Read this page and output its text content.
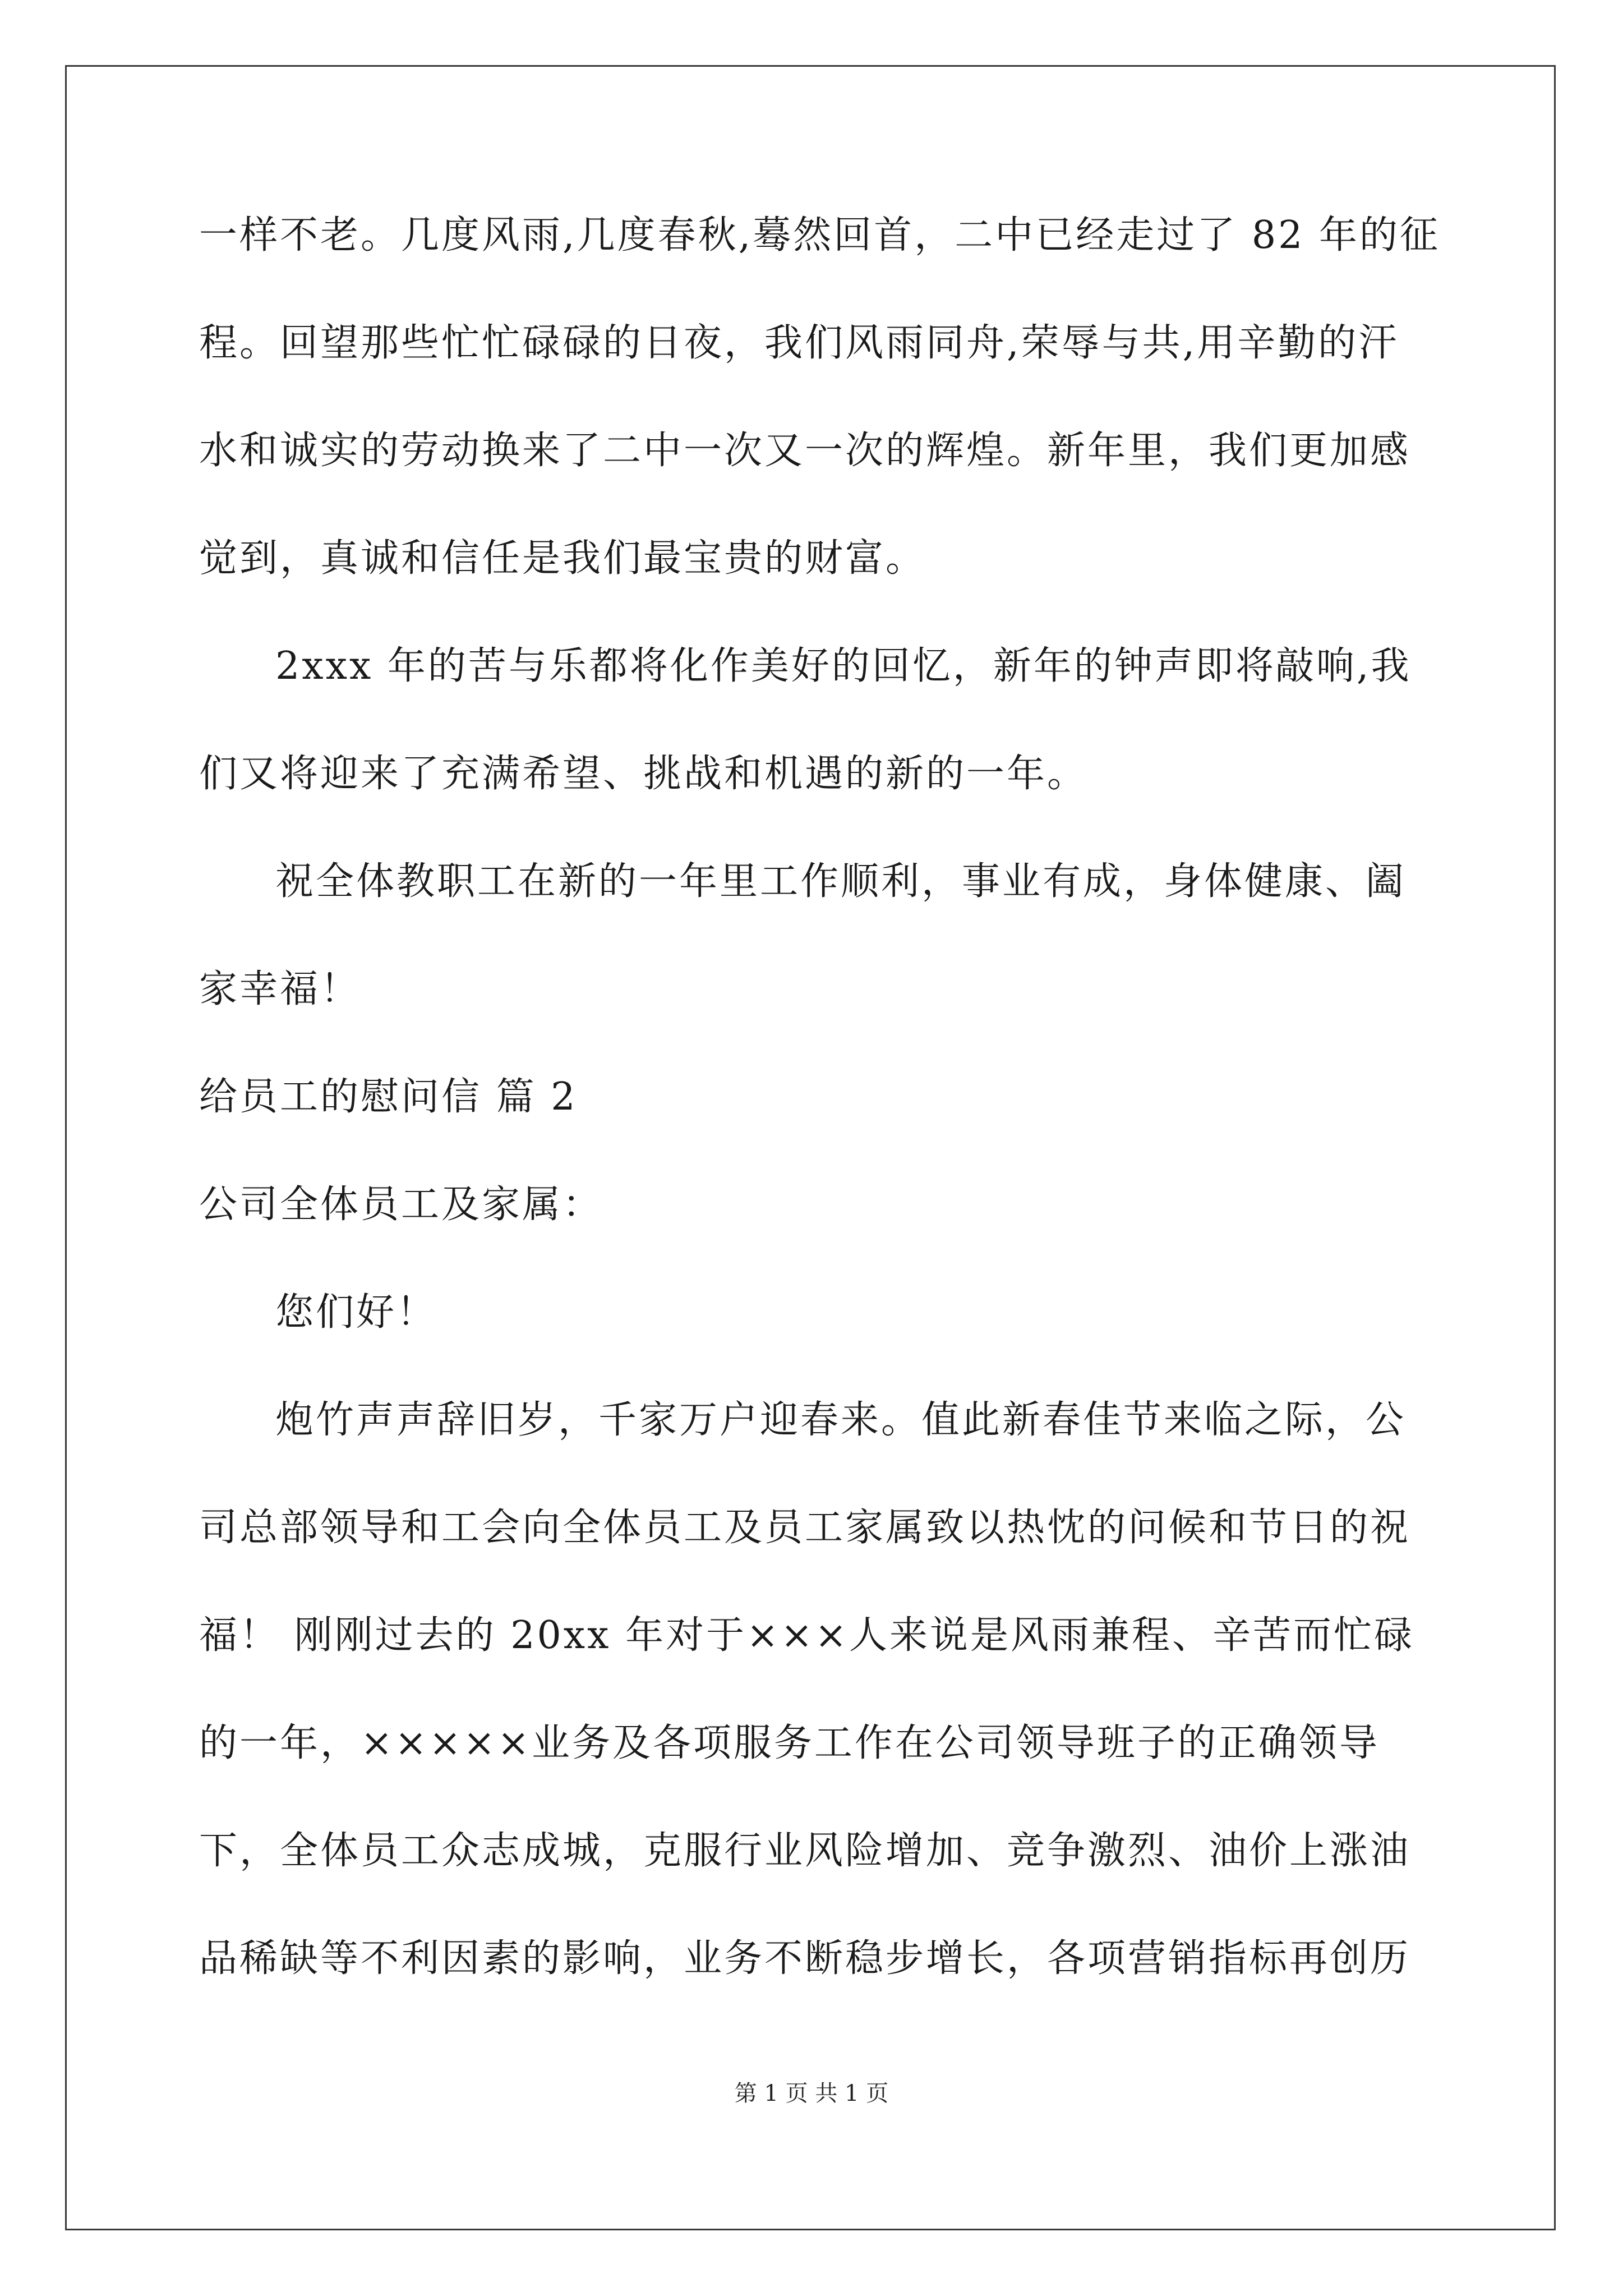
一样不老。几度风雨,几度春秋,蓦然回首，二中已经走过了 82 年的征
程。回望那些忙忙碌碌的日夜，我们风雨同舟,荣辱与共,用辛勤的汗
水和诚实的劳动换来了二中一次又一次的辉煌。新年里，我们更加感
觉到，真诚和信任是我们最宝贵的财富。
2xxx 年的苦与乐都将化作美好的回忆，新年的钟声即将敲响,我
们又将迎来了充满希望、挑战和机遇的新的一年。
祝全体教职工在新的一年里工作顺利，事业有成，身体健康、阖
家幸福！
给员工的慰问信 篇 2
公司全体员工及家属：
您们好！
炮竹声声辞旧岁，千家万户迎春来。值此新春佳节来临之际，公
司总部领导和工会向全体员工及员工家属致以热忱的问候和节日的祝
福！ 刚刚过去的 20xx 年对于×××人来说是风雨兼程、辛苦而忙碌
的一年，×××××业务及各项服务工作在公司领导班子的正确领导
下，全体员工众志成城，克服行业风险增加、竞争激烈、油价上涨油
品稀缺等不利因素的影响，业务不断稳步增长，各项营销指标再创历
第 1 页 共 1 页
